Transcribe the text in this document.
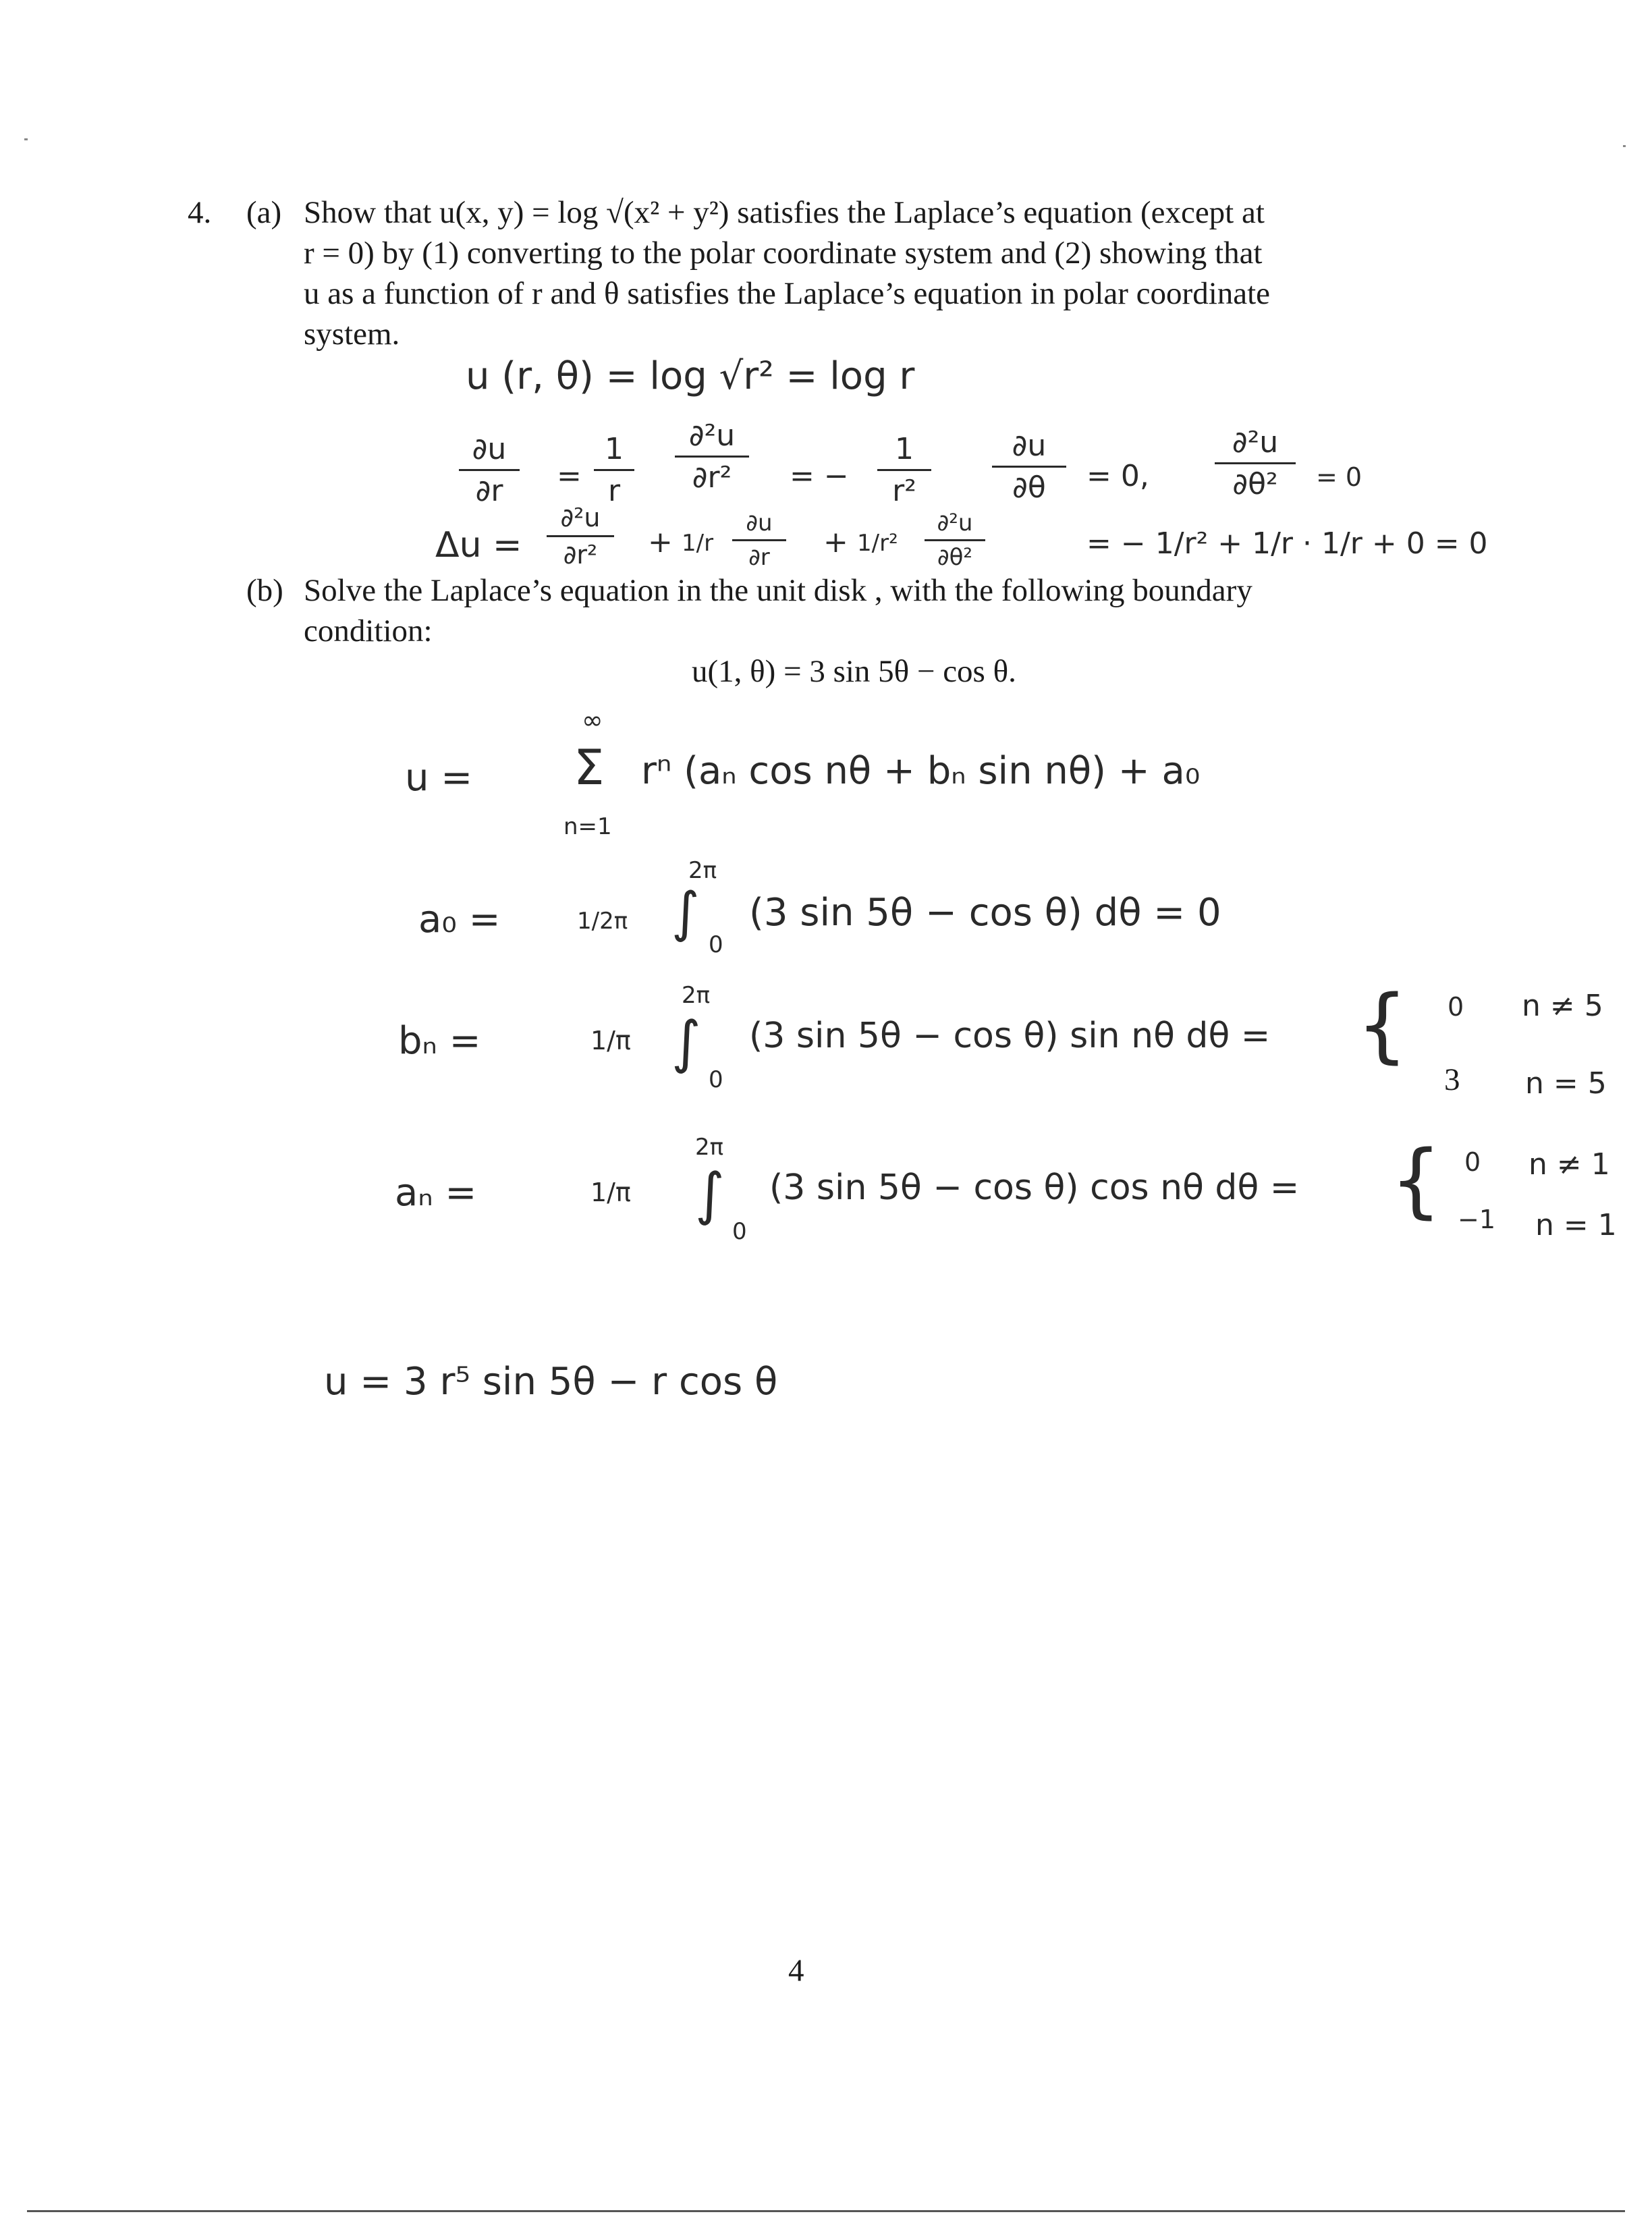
4. (a) Show that u(x, y) = log √(x² + y²) satisfies the Laplace’s equation (except at
r = 0) by (1) converting to the polar coordinate system and (2) showing that
u as a function of r and θ satisfies the Laplace’s equation in polar coordinate
system.
u (r, θ) = log √r² = log r
∂u
∂r	=
1
r
∂²u
∂r²	= −
1
r²
∂u
∂θ	= 0,
∂²u
∂θ²	= 0
Δu =
∂²u
∂r²	+ 1/r
∂u
∂r	+ 1/r²
∂²u
∂θ²	= − 1/r² + 1/r · 1/r + 0 = 0
(b) Solve the Laplace’s equation in the unit disk , with the following boundary
condition:
u(1, θ) = 3 sin 5θ − cos θ.
u =
∞
Σ
n=1
rⁿ (aₙ cos nθ + bₙ sin nθ) + a₀
a₀ =	1/2π
2π
∫
0
(3 sin 5θ − cos θ) dθ = 0
bₙ =	1/π
2π
∫
0
(3 sin 5θ − cos θ) sin nθ dθ = { 0 n ≠ 5
3 n = 5
aₙ =	1/π
2π
∫
0
(3 sin 5θ − cos θ) cos nθ dθ = { 0 n ≠ 1
−1 n = 1
u = 3 r⁵ sin 5θ − r cos θ
4
